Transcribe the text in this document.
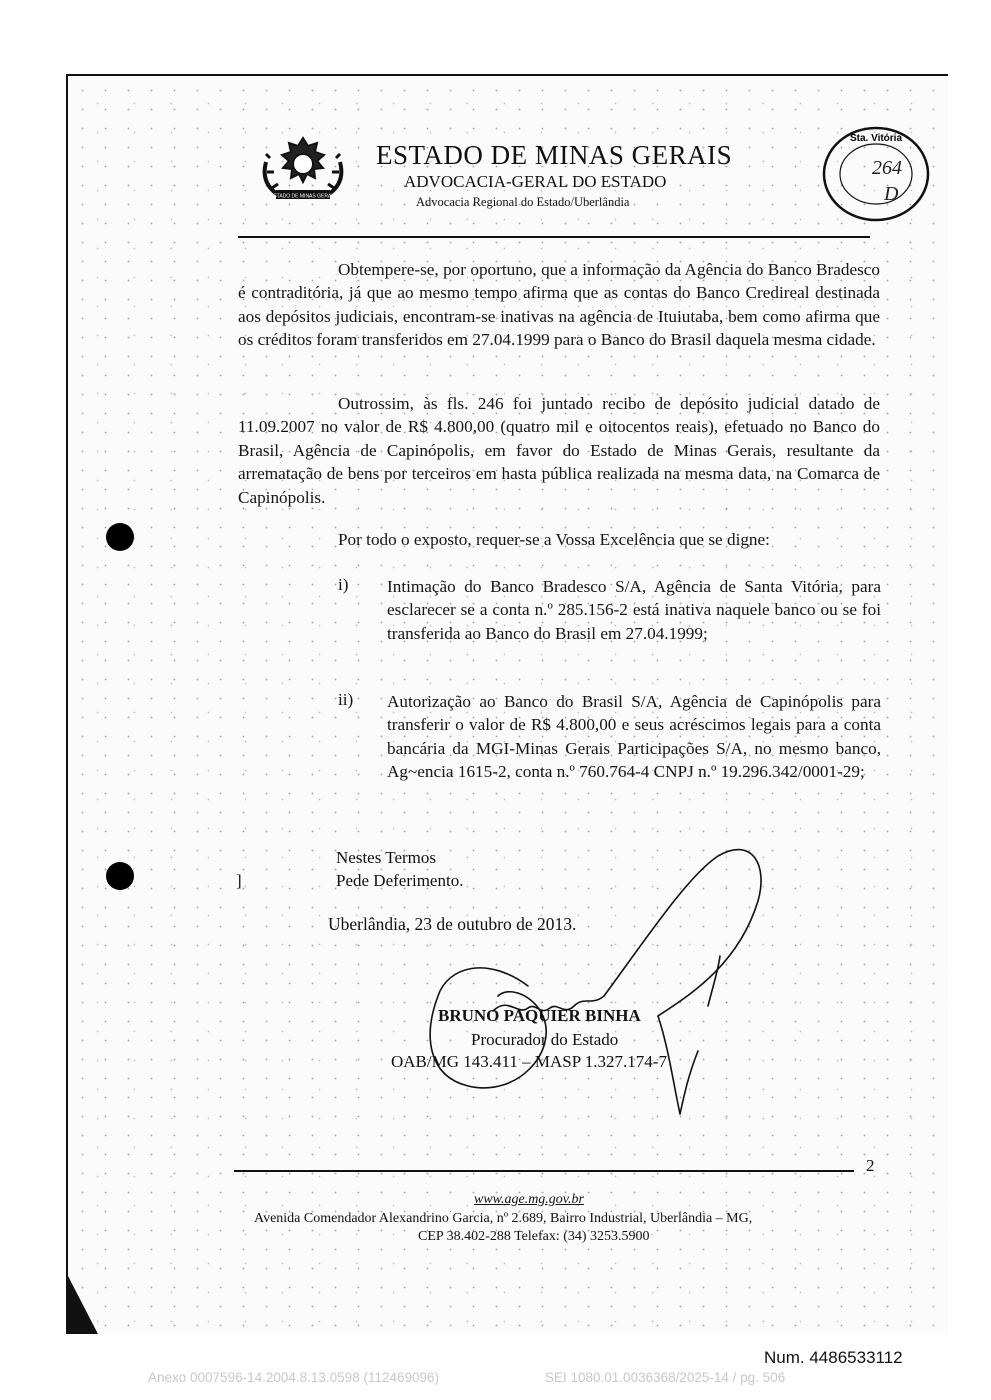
ESTADO DE MINAS GERAIS
ESTADO DE MINAS GERAIS
ADVOCACIA-GERAL DO ESTADO
Advocacia Regional do Estado/Uberlândia
Sta. Vitória
264
D

Obtempere-se, por oportuno, que a informação da Agência do Banco Bradesco é contraditória, já que ao mesmo tempo afirma que as contas do Banco Credireal destinada aos depósitos judiciais, encontram-se inativas na agência de Ituiutaba, bem como afirma que os créditos foram transferidos em 27.04.1999 para o Banco do Brasil daquela mesma cidade.

Outrossim, às fls. 246 foi juntado recibo de depósito judicial datado de 11.09.2007 no valor de R$ 4.800,00 (quatro mil e oitocentos reais), efetuado no Banco do Brasil, Agência de Capinópolis, em favor do Estado de Minas Gerais, resultante da arrematação de bens por terceiros em hasta pública realizada na mesma data, na Comarca de Capinópolis.

Por todo o exposto, requer-se a Vossa Excelência que se digne:

i) Intimação do Banco Bradesco S/A, Agência de Santa Vitória, para esclarecer se a conta n.º 285.156-2 está inativa naquele banco ou se foi transferida ao Banco do Brasil em 27.04.1999;

ii) Autorização ao Banco do Brasil S/A, Agência de Capinópolis para transferir o valor de R$ 4.800,00 e seus acréscimos legais para a conta bancária da MGI-Minas Gerais Participações S/A, no mesmo banco, Ag~encia 1615-2, conta n.º 760.764-4 CNPJ n.º 19.296.342/0001-29;

]
Nestes Termos
Pede Deferimento.
Uberlândia, 23 de outubro de 2013.
BRUNO PAQUIER BINHA
Procurador do Estado
OAB/MG 143.411 – MASP 1.327.174-7
2
www.age.mg.gov.br
Avenida Comendador Alexandrino Garcia, nº 2.689, Bairro Industrial, Uberlândia – MG,
CEP 38.402-288 Telefax: (34) 3253.5900
Num. 4486533112
Anexo 0007596-14.2004.8.13.0598 (112469096)	SEI 1080.01.0036368/2025-14 / pg. 506
